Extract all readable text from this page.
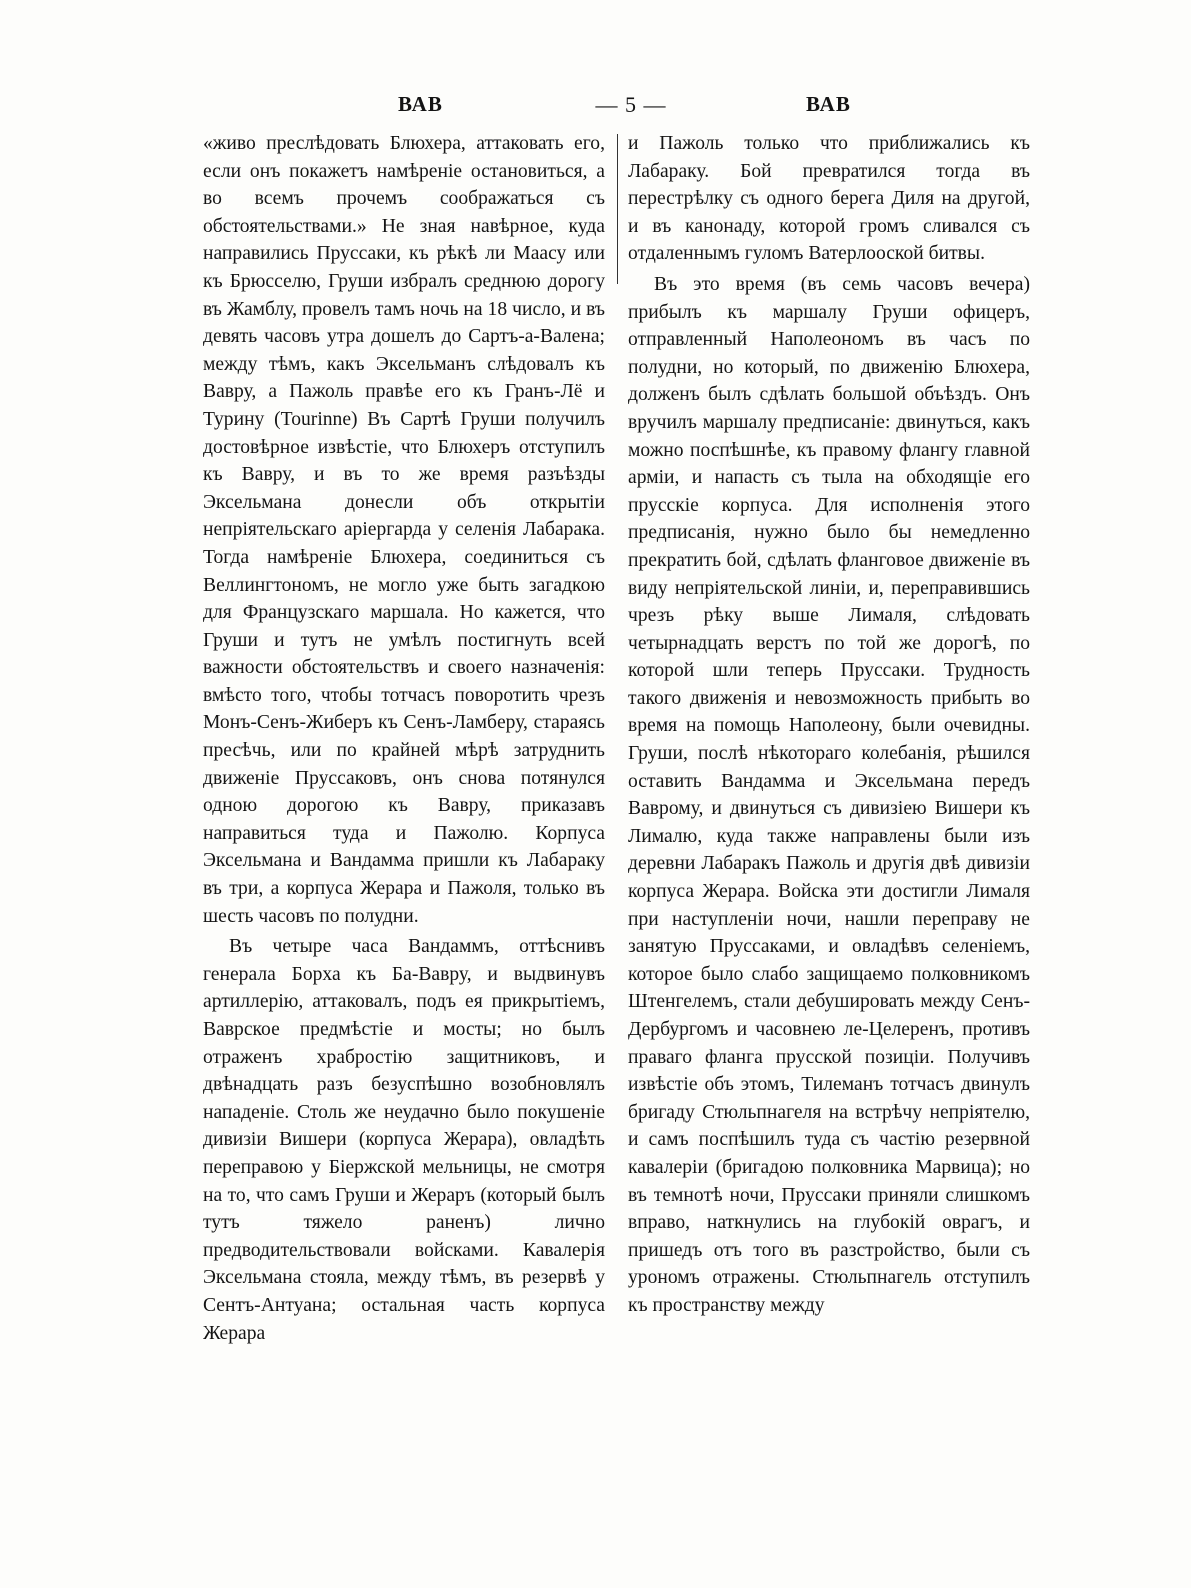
ВАВ	— 5 —	ВАВ

«живо преслѣдовать Блюхера, аттаковать его, если онъ покажетъ намѣреніе остановиться, а во всемъ прочемъ соображаться съ обстоятельствами.» Не зная навѣрное, куда направились Пруссаки, къ рѣкѣ ли Маасу или къ Брюсселю, Груши избралъ среднюю дорогу въ Жамблу, провелъ тамъ ночь на 18 число, и въ девять часовъ утра дошелъ до Сартъ-а-Валена; между тѣмъ, какъ Эксельманъ слѣдовалъ къ Вавру, а Пажоль правѣе его къ Гранъ-Лё и Турину (Tourinne) Въ Сартѣ Груши получилъ достовѣрное извѣстіе, что Блюхеръ отступилъ къ Вавру, и въ то же время разъѣзды Эксельмана донесли объ открытіи непріятельскаго аріергарда у селенія Лабарака. Тогда намѣреніе Блюхера, соединиться съ Веллингтономъ, не могло уже быть загадкою для Французскаго маршала. Но кажется, что Груши и тутъ не умѣлъ постигнуть всей важности обстоятельствъ и своего назначенія: вмѣсто того, чтобы тотчасъ поворотить чрезъ Монъ-Сенъ-Жиберъ къ Сенъ-Ламбeру, стараясь пресѣчь, или по крайней мѣрѣ затруднить движеніе Пруссаковъ, онъ снова потянулся одною дорогою къ Вавру, приказавъ направиться туда и Пажолю. Корпуса Эксельмана и Вандамма пришли къ Лабараку въ три, а корпуса Жерара и Пажоля, только въ шесть часовъ по полудни.

Въ четыре часа Вандаммъ, оттѣснивъ генерала Борха къ Ба-Вавру, и выдвинувъ артиллерію, аттаковалъ, подъ ея прикрытіемъ, Ваврское предмѣстіе и мосты; но былъ отраженъ храбростію защитниковъ, и двѣнадцать разъ безуспѣшно возобновлялъ нападеніе. Столь же неудачно было покушеніе дивизіи Вишери (корпуса Жерара), овладѣть переправою у Біержской мельницы, не смотря на то, что самъ Груши и Жераръ (который былъ тутъ тяжело раненъ) лично предводительствовали войсками. Кавалерія Эксельмана стояла, между тѣмъ, въ резервѣ у Сентъ-Антуана; остальная часть корпуса Жерара

и Пажоль только что приближались къ Лабараку. Бой превратился тогда въ перестрѣлку съ одного берега Диля на другой, и въ канонаду, которой громъ сливался съ отдаленнымъ гуломъ Ватерлооской битвы.

Въ это время (въ семь часовъ вечера) прибылъ къ маршалу Груши офицеръ, отправленный Наполеономъ въ часъ по полудни, но который, по движенію Блюхера, долженъ былъ сдѣлать большой объѣздъ. Онъ вручилъ маршалу предписаніе: двинуться, какъ можно поспѣшнѣе, къ правому флангу главной арміи, и напасть съ тыла на обходящіе его прусскіе корпуса. Для исполненія этого предписанія, нужно было бы немедленно прекратить бой, сдѣлать фланговое движеніе въ виду непріятельской линіи, и, переправившись чрезъ рѣку выше Лималя, слѣдовать четырнадцать верстъ по той же дорогѣ, по которой шли теперь Пруссаки. Трудность такого движенія и невозможность прибыть во время на помощь Наполеону, были очевидны. Груши, послѣ нѣкотораго колебанія, рѣшился оставить Вандамма и Эксельмана передъ Ваврому, и двинуться съ дивизіею Вишери къ Лималю, куда также направлены были изъ деревни Лабаракъ Пажоль и другія двѣ дивизіи корпуса Жерара. Войска эти достигли Лималя при наступленіи ночи, нашли переправу не занятую Пруссаками, и овладѣвъ селеніемъ, которое было слабо защищаемо полковникомъ Штенгелемъ, стали дебушировать между Сенъ-Дербургомъ и часовнею ле-Целеренъ, противъ праваго фланга прусской позиціи. Получивъ извѣстіе объ этомъ, Тилеманъ тотчасъ двинулъ бригаду Стюльпнагеля на встрѣчу непріятелю, и самъ поспѣшилъ туда съ частію резервной кавалеріи (бригадою полковника Марвица); но въ темнотѣ ночи, Пруссаки приняли слишкомъ вправо, наткнулись на глубокій оврагъ, и пришедъ отъ того въ разстройство, были съ урономъ отражены. Стюльпнагель отступилъ къ пространству между
